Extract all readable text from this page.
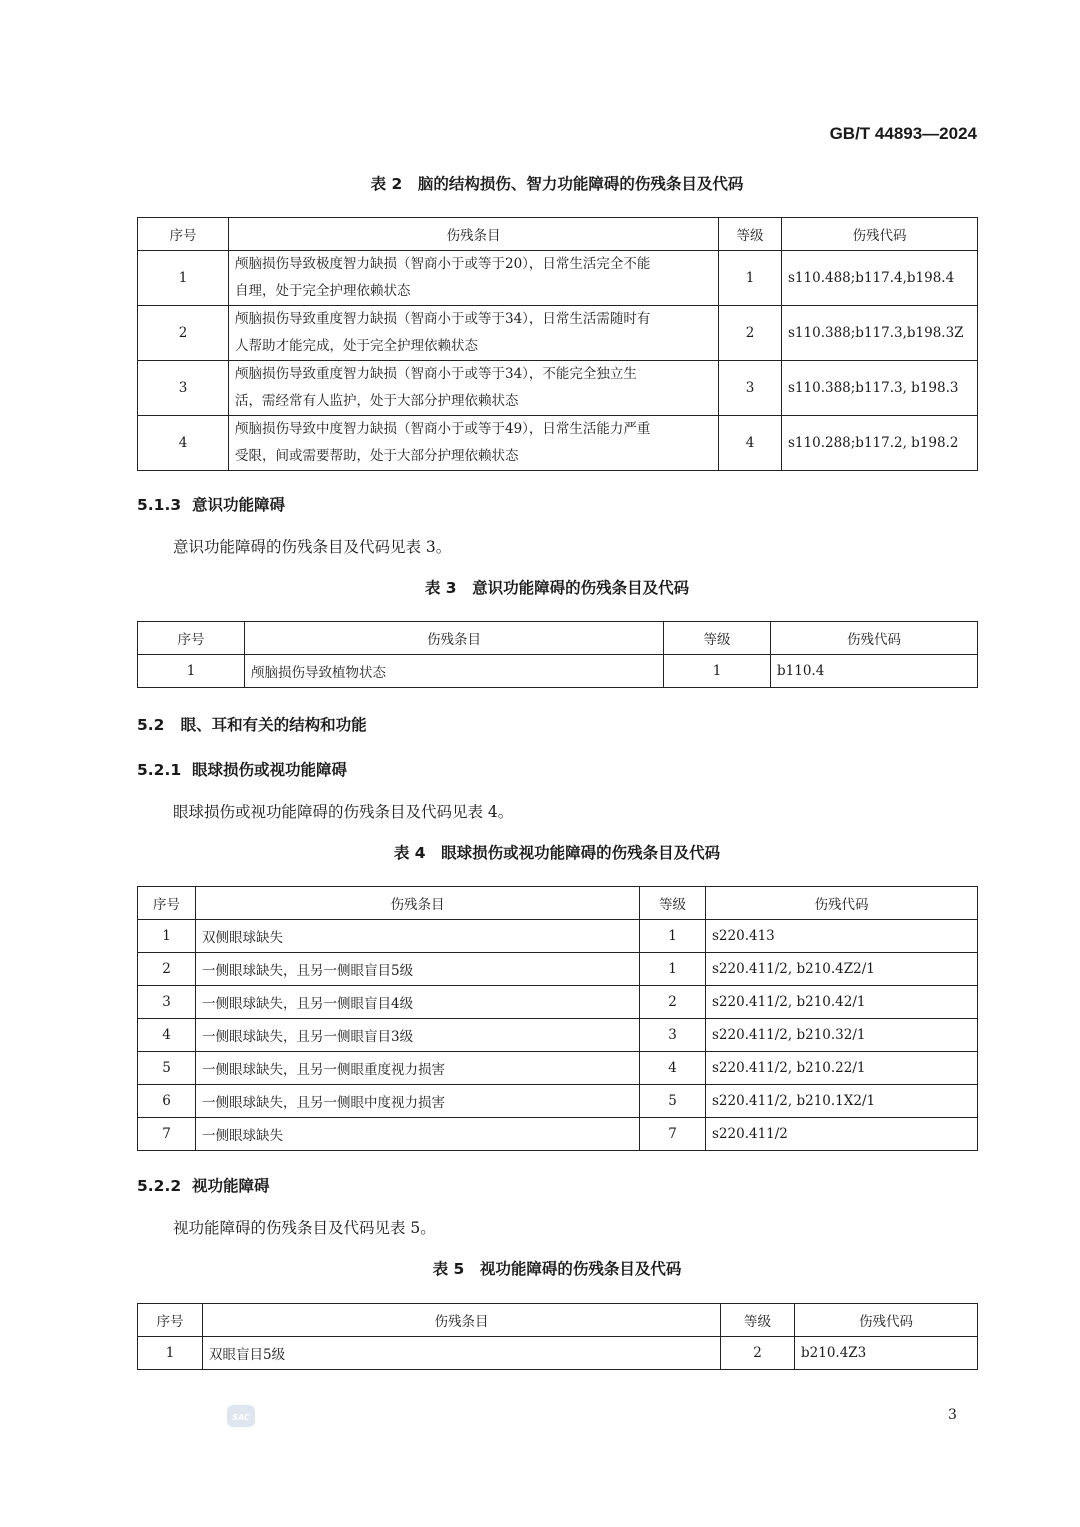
GB/T 44893—2024
表 2　脑的结构损伤、智力功能障碍的伤残条目及代码
序号	伤残条目	等级	伤残代码
1	颅脑损伤导致极度智力缺损（智商小于或等于20），日常生活完全不能
自理，处于完全护理依赖状态	1	s110.488;b117.4,b198.4
2	颅脑损伤导致重度智力缺损（智商小于或等于34），日常生活需随时有
人帮助才能完成，处于完全护理依赖状态	2	s110.388;b117.3,b198.3Z
3	颅脑损伤导致重度智力缺损（智商小于或等于34），不能完全独立生
活，需经常有人监护，处于大部分护理依赖状态	3	s110.388;b117.3, b198.3
4	颅脑损伤导致中度智力缺损（智商小于或等于49），日常生活能力严重
受限，间或需要帮助，处于大部分护理依赖状态	4	s110.288;b117.2, b198.2
5.1.3 意识功能障碍
意识功能障碍的伤残条目及代码见表 3。
表 3　意识功能障碍的伤残条目及代码
序号	伤残条目	等级	伤残代码
1	颅脑损伤导致植物状态	1	b110.4
5.2 眼、耳和有关的结构和功能
5.2.1 眼球损伤或视功能障碍
眼球损伤或视功能障碍的伤残条目及代码见表 4。
表 4　眼球损伤或视功能障碍的伤残条目及代码
序号	伤残条目	等级	伤残代码
1	双侧眼球缺失	1	s220.413
2	一侧眼球缺失，且另一侧眼盲目5级	1	s220.411/2, b210.4Z2/1
3	一侧眼球缺失，且另一侧眼盲目4级	2	s220.411/2, b210.42/1
4	一侧眼球缺失，且另一侧眼盲目3级	3	s220.411/2, b210.32/1
5	一侧眼球缺失，且另一侧眼重度视力损害	4	s220.411/2, b210.22/1
6	一侧眼球缺失，且另一侧眼中度视力损害	5	s220.411/2, b210.1X2/1
7	一侧眼球缺失	7	s220.411/2
5.2.2 视功能障碍
视功能障碍的伤残条目及代码见表 5。
表 5　视功能障碍的伤残条目及代码
序号	伤残条目	等级	伤残代码
1	双眼盲目5级	2	b210.4Z3
SAC	3
